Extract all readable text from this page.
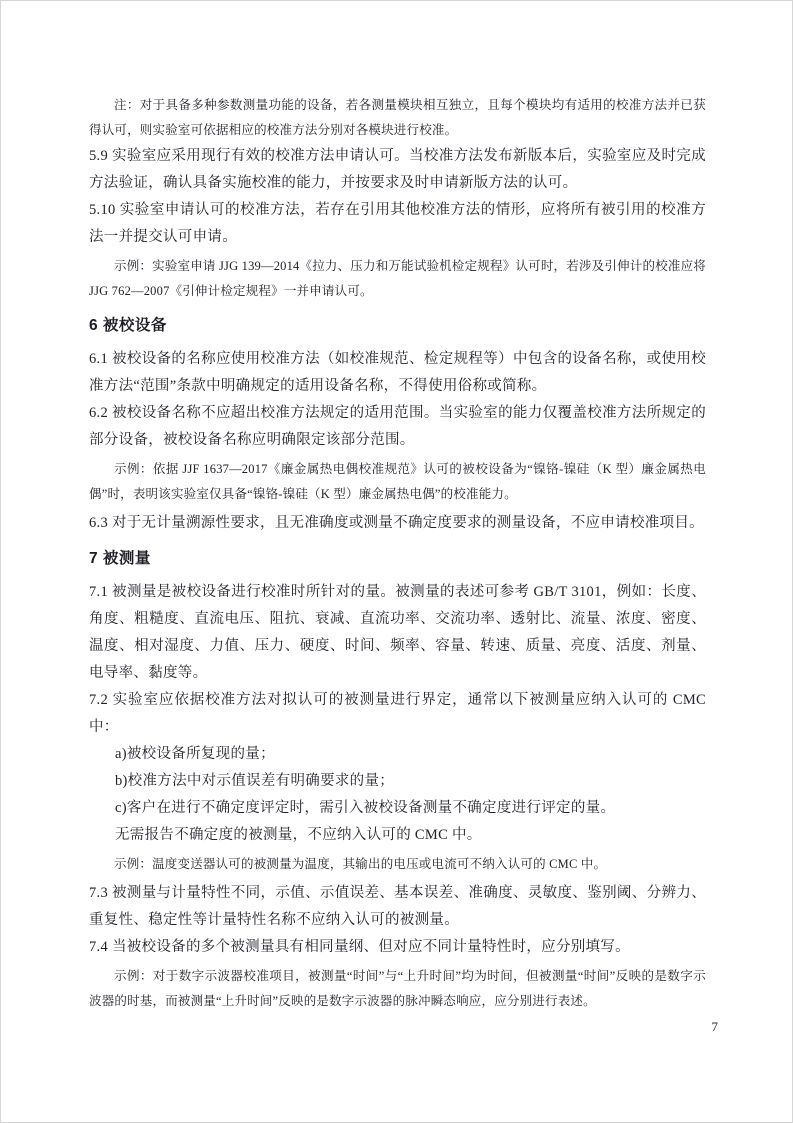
注：对于具备多种参数测量功能的设备，若各测量模块相互独立，且每个模块均有适用的校准方法并已获得认可，则实验室可依据相应的校准方法分别对各模块进行校准。

5.9 实验室应采用现行有效的校准方法申请认可。当校准方法发布新版本后，实验室应及时完成方法验证，确认具备实施校准的能力，并按要求及时申请新版方法的认可。

5.10 实验室申请认可的校准方法，若存在引用其他校准方法的情形，应将所有被引用的校准方法一并提交认可申请。

示例：实验室申请 JJG 139—2014《拉力、压力和万能试验机检定规程》认可时，若涉及引伸计的校准应将 JJG 762—2007《引伸计检定规程》一并申请认可。

6 被校设备

6.1 被校设备的名称应使用校准方法（如校准规范、检定规程等）中包含的设备名称，或使用校准方法“范围”条款中明确规定的适用设备名称，不得使用俗称或简称。

6.2 被校设备名称不应超出校准方法规定的适用范围。当实验室的能力仅覆盖校准方法所规定的部分设备，被校设备名称应明确限定该部分范围。

示例：依据 JJF 1637—2017《廉金属热电偶校准规范》认可的被校设备为“镍铬-镍硅（K 型）廉金属热电偶”时，表明该实验室仅具备“镍铬-镍硅（K 型）廉金属热电偶”的校准能力。

6.3 对于无计量溯源性要求，且无准确度或测量不确定度要求的测量设备，不应申请校准项目。

7 被测量

7.1 被测量是被校设备进行校准时所针对的量。被测量的表述可参考 GB/T 3101，例如：长度、角度、粗糙度、直流电压、阻抗、衰减、直流功率、交流功率、透射比、流量、浓度、密度、温度、相对湿度、力值、压力、硬度、时间、频率、容量、转速、质量、亮度、活度、剂量、电导率、黏度等。

7.2 实验室应依据校准方法对拟认可的被测量进行界定，通常以下被测量应纳入认可的 CMC 中：

a)被校设备所复现的量；

b)校准方法中对示值误差有明确要求的量；

c)客户在进行不确定度评定时，需引入被校设备测量不确定度进行评定的量。

无需报告不确定度的被测量，不应纳入认可的 CMC 中。

示例：温度变送器认可的被测量为温度，其输出的电压或电流可不纳入认可的 CMC 中。

7.3 被测量与计量特性不同，示值、示值误差、基本误差、准确度、灵敏度、鉴别阈、分辨力、重复性、稳定性等计量特性名称不应纳入认可的被测量。

7.4 当被校设备的多个被测量具有相同量纲、但对应不同计量特性时，应分别填写。

示例：对于数字示波器校准项目，被测量“时间”与“上升时间”均为时间，但被测量“时间”反映的是数字示波器的时基，而被测量“上升时间”反映的是数字示波器的脉冲瞬态响应，应分别进行表述。

7
